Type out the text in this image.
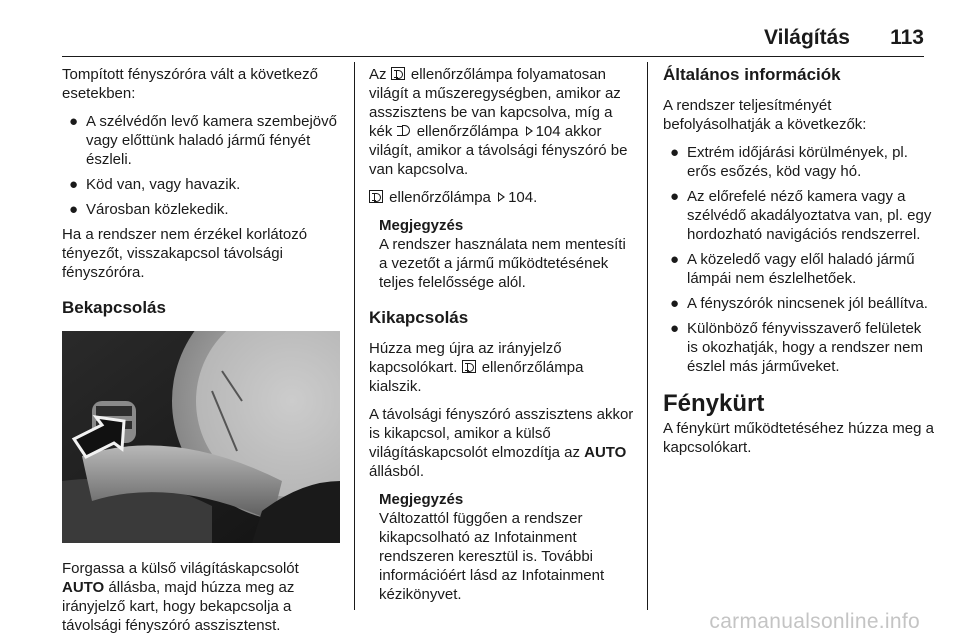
Világítás 113

Tompított fényszóróra vált a következő esetekben:

● A szélvédőn levő kamera szembejövő vagy előttünk haladó jármű fényét észleli.
● Köd van, vagy havazik.
● Városban közlekedik.

Ha a rendszer nem érzékel korlátozó tényezőt, visszakapcsol távolsági fényszóróra.

Bekapcsolás

Forgassa a külső világításkapcsolót
AUTO állásba, majd húzza meg az irányjelző kart, hogy bekapcsolja a távolsági fényszóró asszisztenst.

Az ellenőrzőlámpa folyamatosan világít a műszeregységben, amikor az asszisztens be van kapcsolva, míg a kék ellenőrzőlámpa 104 akkor világít, amikor a távolsági fényszóró be van kapcsolva.

ellenőrzőlámpa 104.

Megjegyzés
A rendszer használata nem mentesíti a vezetőt a jármű működtetésének teljes felelőssége alól.
Kikapcsolás

Húzza meg újra az irányjelző kapcsolókart. ellenőrzőlámpa kialszik.

A távolsági fényszóró asszisztens akkor is kikapcsol, amikor a külső világításkapcsolót elmozdítja az AUTO állásból.

Megjegyzés
Változattól függően a rendszer kikapcsolható az Infotainment rendszeren keresztül is. További információért lásd az Infotainment kézikönyvet.
Általános információk

A rendszer teljesítményét befolyásolhatják a következők:

● Extrém időjárási körülmények, pl. erős esőzés, köd vagy hó.
● Az előrefelé néző kamera vagy a szélvédő akadályoztatva van, pl. egy hordozható navigációs rendszerrel.
● A közeledő vagy elől haladó jármű lámpái nem észlelhetőek.
● A fényszórók nincsenek jól beállítva.
● Különböző fényvisszaverő felületek is okozhatják, hogy a rendszer nem észlel más járműveket.
Fénykürt

A fénykürt működtetéséhez húzza meg a kapcsolókart.

carmanualsonline.info
